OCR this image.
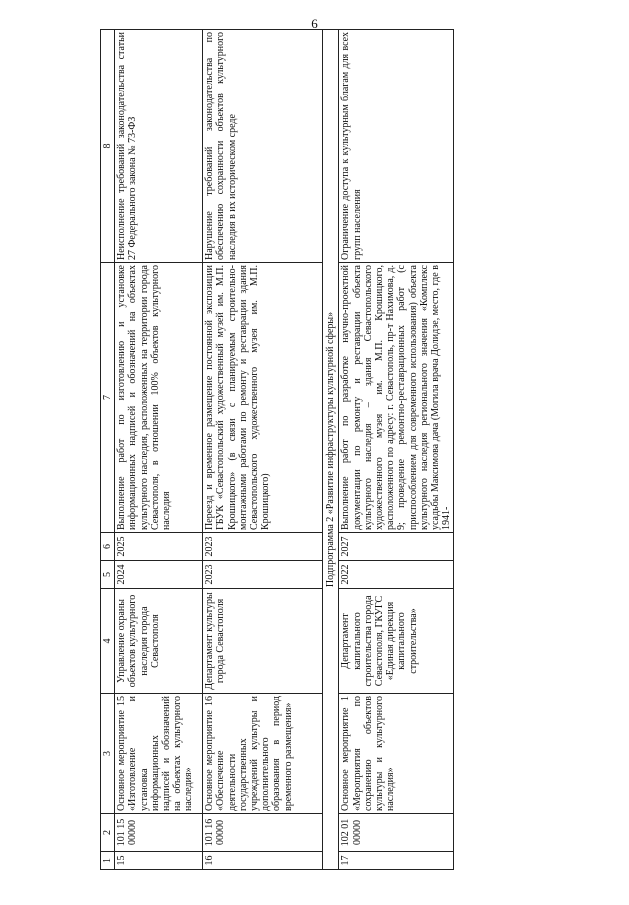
6
1	2	3	4	5	6	7	8
15	101 15 00000	Основное мероприятие 15 «Изготовление и установка информационных надписей и обозначений на объектах культурного наследия»	Управление охраны объектов культурного наследия города Севастополя	2024	2025	Выполнение работ по изготовлению и установке информационных надписей и обозначений на объектах культурного наследия, расположенных на территории города Севастополя, в отношении 100% объектов культурного наследия	Неисполнение требований законодательства статьи 27 Федерального закона № 73-ФЗ
16	101 16 00000	Основное мероприятие 16 «Обеспечение деятельности государственных учреждений культуры и дополнительного образования в период временного размещения»	Департамент культуры города Севастополя	2023	2023	Переезд и временное размещение постоянной экспозиции ГБУК «Севастопольский художественный музей им. М.П. Крошицкого» (в связи с планируемым строительно-монтажными работами по ремонту и реставрации здания Севастопольского художественного музея им. М.П. Крошицкого)	Нарушение требований законодательства по обеспечению сохранности объектов культурного наследия в их историческом среде
Подпрограмма 2 «Развитие инфраструктуры культурной сферы»							
17	102 01 00000	Основное мероприятие 1 «Мероприятия по сохранению объектов культуры и культурного наследия»	Департамент капитального строительства города Севастополя, ГКУГС «Единая дирекция капитального строительства»	2022	2027	Выполнение работ по разработке научно-проектной документации по ремонту и реставрации объекта культурного наследия – здания Севастопольского художественного музея им. М.П. Крошицкого, расположенного по адресу: г. Севастополь, пр-т Нахимова, д. 9; проведение ремонтно-реставрационных работ (с приспособлением для современного использования) объекта культурного наследия регионального значения «Комплекс усадьбы Максимова дача (Могила врача Долидзе, место, где в 1941-	Ограничение доступа к культурным благам для всех групп населения
